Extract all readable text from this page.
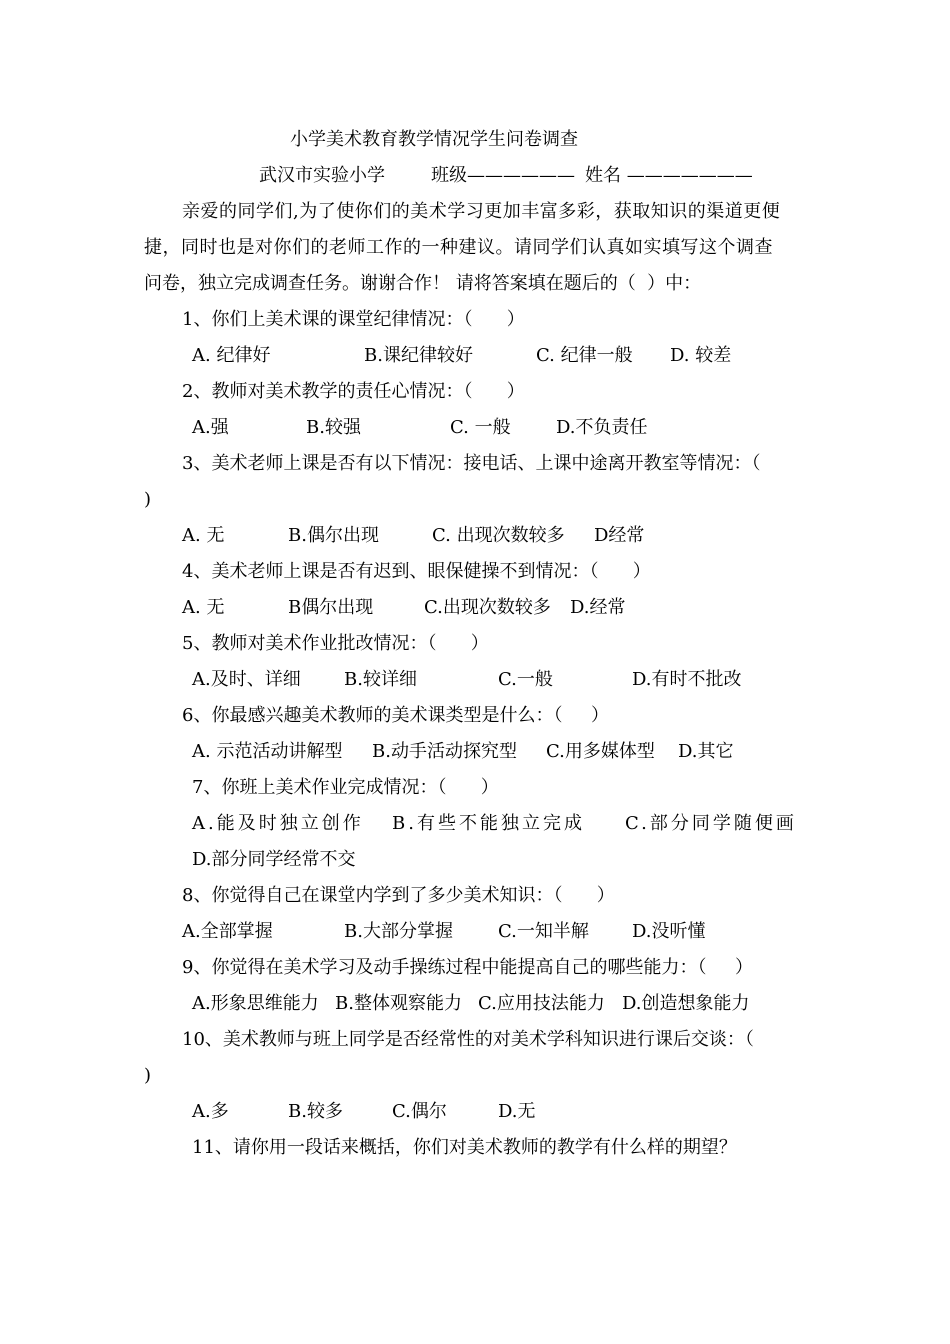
小学美术教育教学情况学生问卷调查
武汉市实验小学	班级—————— 姓名 ———————
亲爱的同学们,为了使你们的美术学习更加丰富多彩，获取知识的渠道更便
捷，同时也是对你们的老师工作的一种建议。请同学们认真如实填写这个调查
问卷，独立完成调查任务。谢谢合作！ 请将答案填在题后的（  ）中：
1、你们上美术课的课堂纪律情况：（      ）
A. 纪律好	B.课纪律较好	C. 纪律一般 D. 较差
2、教师对美术教学的责任心情况：（      ）
A.强	B.较强	C. 一般	D.不负责任
3、美术老师上课是否有以下情况：接电话、上课中途离开教室等情况：（
)
A. 无	B.偶尔出现	C. 出现次数较多 D经常
4、美术老师上课是否有迟到、眼保健操不到情况：（      ）
A. 无	B偶尔出现	C.出现次数较多 D.经常
5、教师对美术作业批改情况：（      ）
A.及时、详细 B.较详细	C.一般	D.有时不批改
6、你最感兴趣美术教师的美术课类型是什么：（     ）
A. 示范活动讲解型 B.动手活动探究型 C.用多媒体型 D.其它
7、你班上美术作业完成情况：（      ）
A.能及时独立创作 B.有些不能独立完成 C.部分同学随便画
D.部分同学经常不交
8、你觉得自己在课堂内学到了多少美术知识：（      ）
A.全部掌握	B.大部分掌握	C.一知半解 D.没听懂
9、你觉得在美术学习及动手操练过程中能提高自己的哪些能力：（     ）
A.形象思维能力 B.整体观察能力 C.应用技法能力 D.创造想象能力
10、美术教师与班上同学是否经常性的对美术学科知识进行课后交谈：（
)
A.多	B.较多	C.偶尔	D.无
11、请你用一段话来概括，你们对美术教师的教学有什么样的期望？
